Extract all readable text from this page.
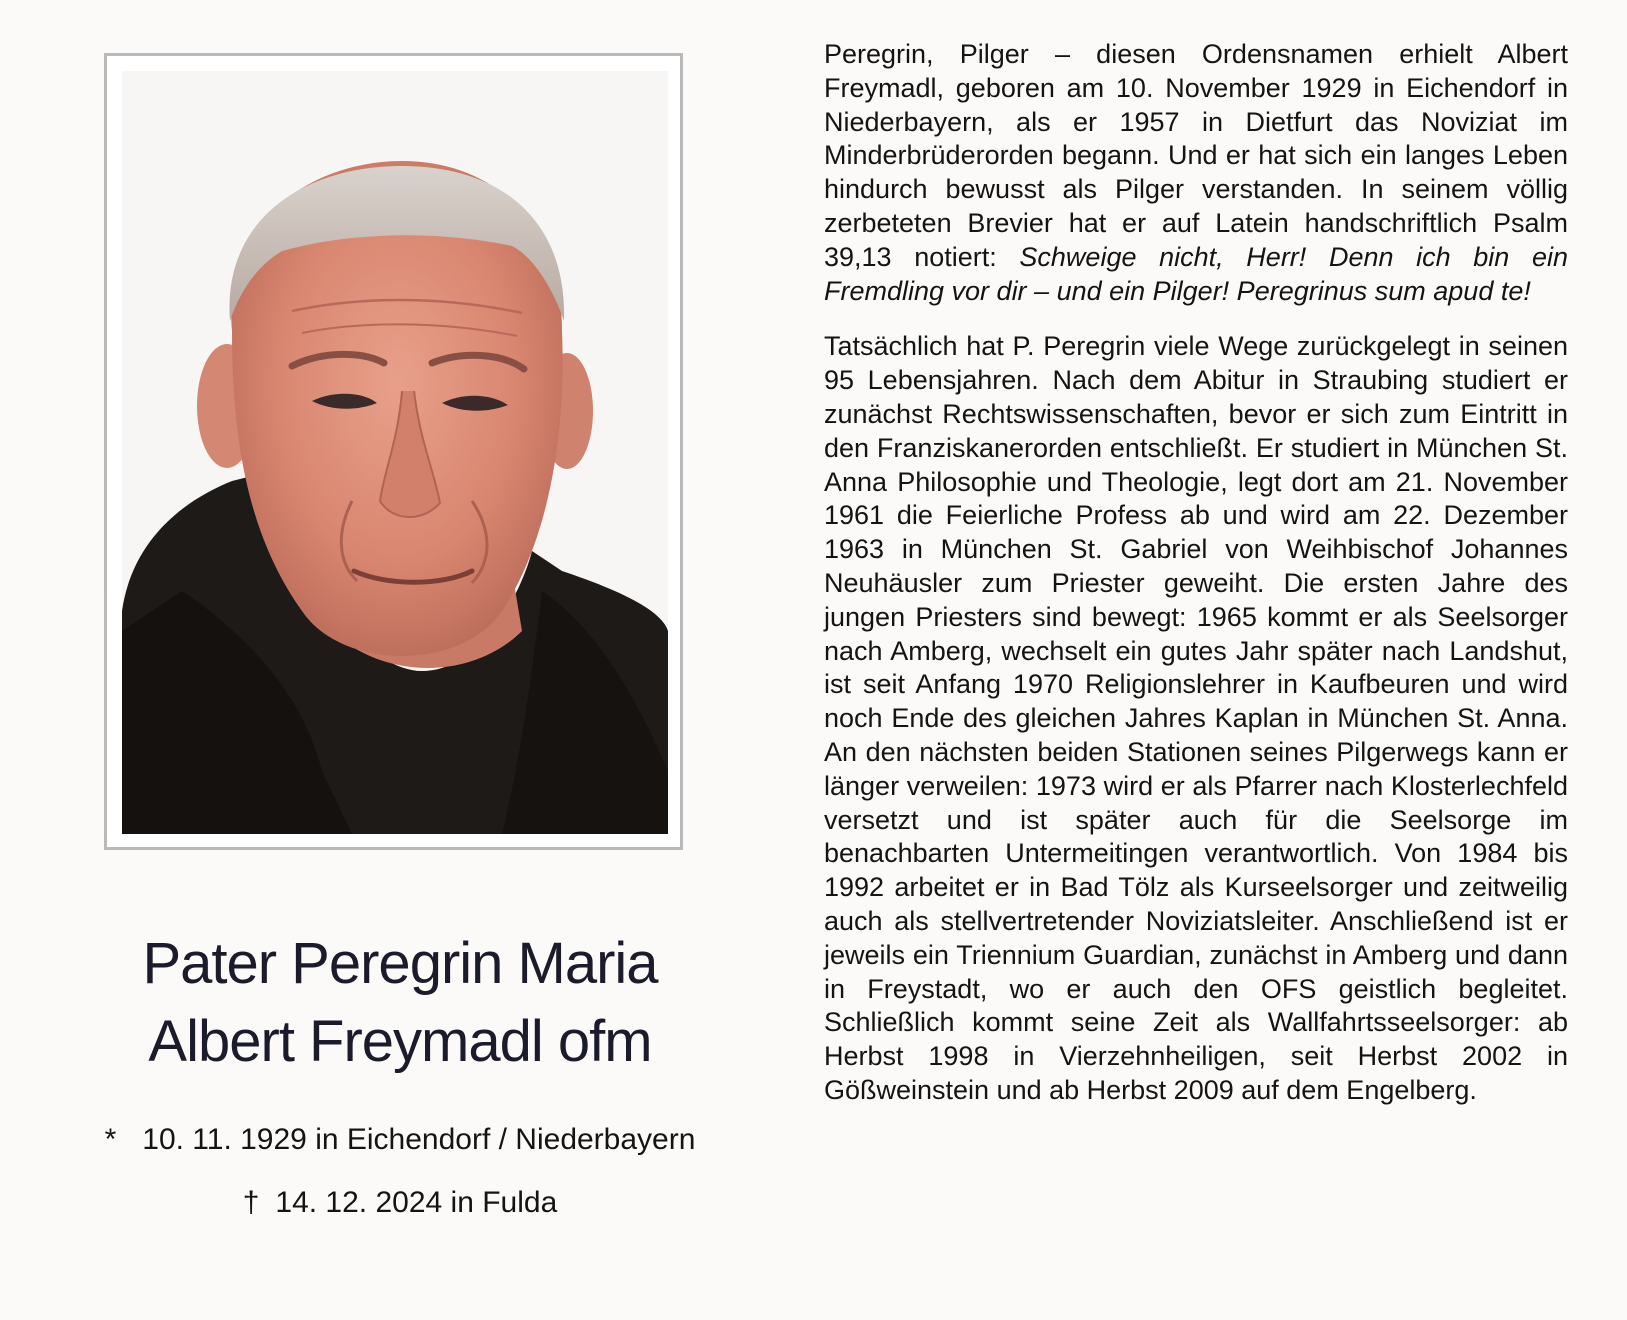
Pater Peregrin Maria
Albert Freymadl ofm
* 10. 11. 1929 in Eichendorf / Niederbayern
† 14. 12. 2024 in Fulda

Peregrin, Pilger – diesen Ordensnamen erhielt Albert Freymadl, geboren am 10. November 1929 in Eichendorf in Niederbayern, als er 1957 in Dietfurt das Noviziat im Minderbrüderorden begann. Und er hat sich ein langes Leben hindurch bewusst als Pilger verstanden. In seinem völlig zerbeteten Brevier hat er auf Latein handschriftlich Psalm 39,13 notiert: Schweige nicht, Herr! Denn ich bin ein Fremdling vor dir – und ein Pilger! Peregrinus sum apud te!

Tatsächlich hat P. Peregrin viele Wege zurückgelegt in seinen 95 Lebensjahren. Nach dem Abitur in Straubing studiert er zunächst Rechtswissenschaften, bevor er sich zum Eintritt in den Franziskanerorden entschließt. Er studiert in München St. Anna Philosophie und Theologie, legt dort am 21. November 1961 die Feierliche Profess ab und wird am 22. Dezember 1963 in München St. Gabriel von Weihbischof Johannes Neuhäusler zum Priester geweiht. Die ersten Jahre des jungen Priesters sind bewegt: 1965 kommt er als Seelsorger nach Amberg, wechselt ein gutes Jahr später nach Landshut, ist seit Anfang 1970 Religionslehrer in Kaufbeuren und wird noch Ende des gleichen Jahres Kaplan in München St. Anna. An den nächsten beiden Stationen seines Pilgerwegs kann er länger verweilen: 1973 wird er als Pfarrer nach Klosterlechfeld versetzt und ist später auch für die Seelsorge im benachbarten Untermeitingen verantwortlich. Von 1984 bis 1992 arbeitet er in Bad Tölz als Kurseelsorger und zeitweilig auch als stellvertretender Noviziatsleiter. Anschließend ist er jeweils ein Triennium Guardian, zunächst in Amberg und dann in Freystadt, wo er auch den OFS geistlich begleitet. Schließlich kommt seine Zeit als Wallfahrtsseelsorger: ab Herbst 1998 in Vierzehnheiligen, seit Herbst 2002 in Gößweinstein und ab Herbst 2009 auf dem Engelberg.
